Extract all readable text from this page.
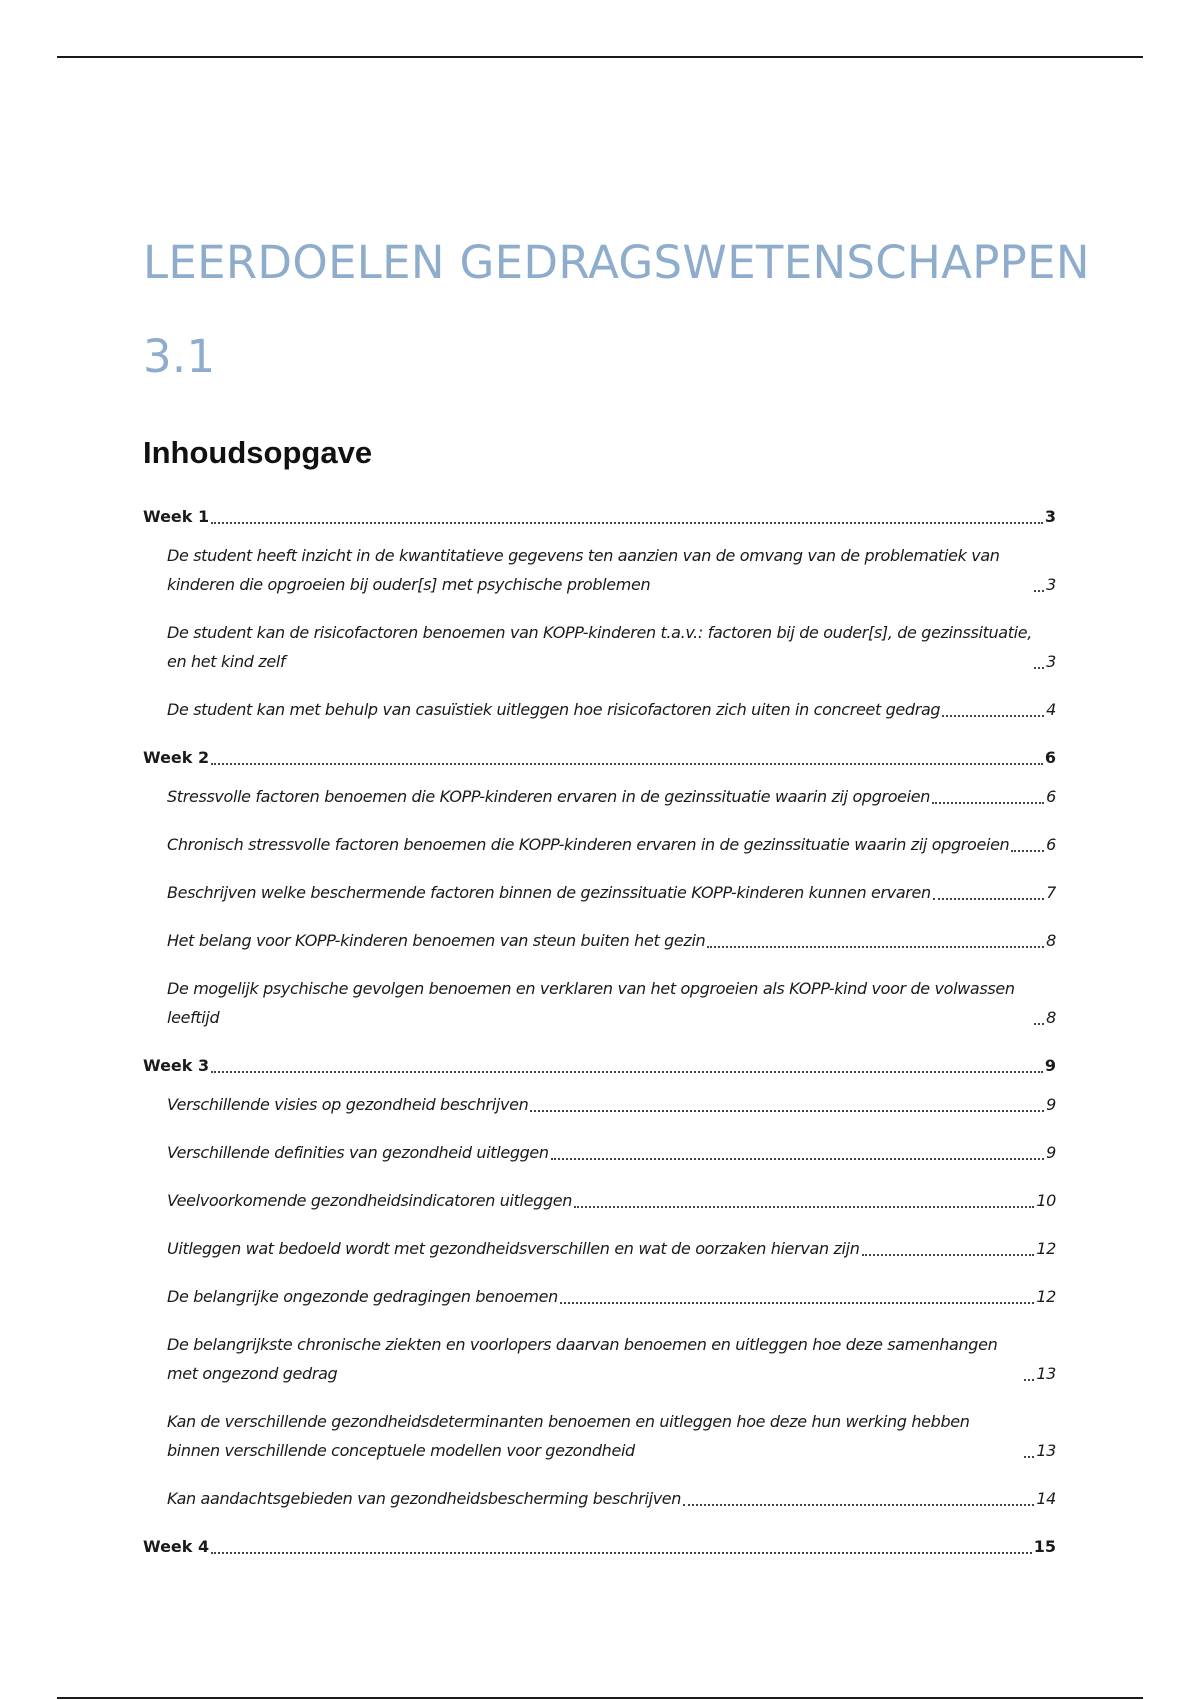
LEERDOELEN GEDRAGSWETENSCHAPPEN 3.1
Inhoudsopgave
Week 1	3
De student heeft inzicht in de kwantitatieve gegevens ten aanzien van de omvang van de problematiek van kinderen die opgroeien bij ouder[s] met psychische problemen	3
De student kan de risicofactoren benoemen van KOPP-kinderen t.a.v.: factoren bij de ouder[s], de gezinssituatie, en het kind zelf	3
De student kan met behulp van casuïstiek uitleggen hoe risicofactoren zich uiten in concreet gedrag	4
Week 2	6
Stressvolle factoren benoemen die KOPP-kinderen ervaren in de gezinssituatie waarin zij opgroeien	6
Chronisch stressvolle factoren benoemen die KOPP-kinderen ervaren in de gezinssituatie waarin zij opgroeien 6
Beschrijven welke beschermende factoren binnen de gezinssituatie KOPP-kinderen kunnen ervaren	7
Het belang voor KOPP-kinderen benoemen van steun buiten het gezin	8
De mogelijk psychische gevolgen benoemen en verklaren van het opgroeien als KOPP-kind voor de volwassen leeftijd	8
Week 3	9
Verschillende visies op gezondheid beschrijven	9
Verschillende definities van gezondheid uitleggen	9
Veelvoorkomende gezondheidsindicatoren uitleggen	10
Uitleggen wat bedoeld wordt met gezondheidsverschillen en wat de oorzaken hiervan zijn	12
De belangrijke ongezonde gedragingen benoemen	12
De belangrijkste chronische ziekten en voorlopers daarvan benoemen en uitleggen hoe deze samenhangen met ongezond gedrag	13
Kan de verschillende gezondheidsdeterminanten benoemen en uitleggen hoe deze hun werking hebben binnen verschillende conceptuele modellen voor gezondheid	13
Kan aandachtsgebieden van gezondheidsbescherming beschrijven	14
Week 4	15
